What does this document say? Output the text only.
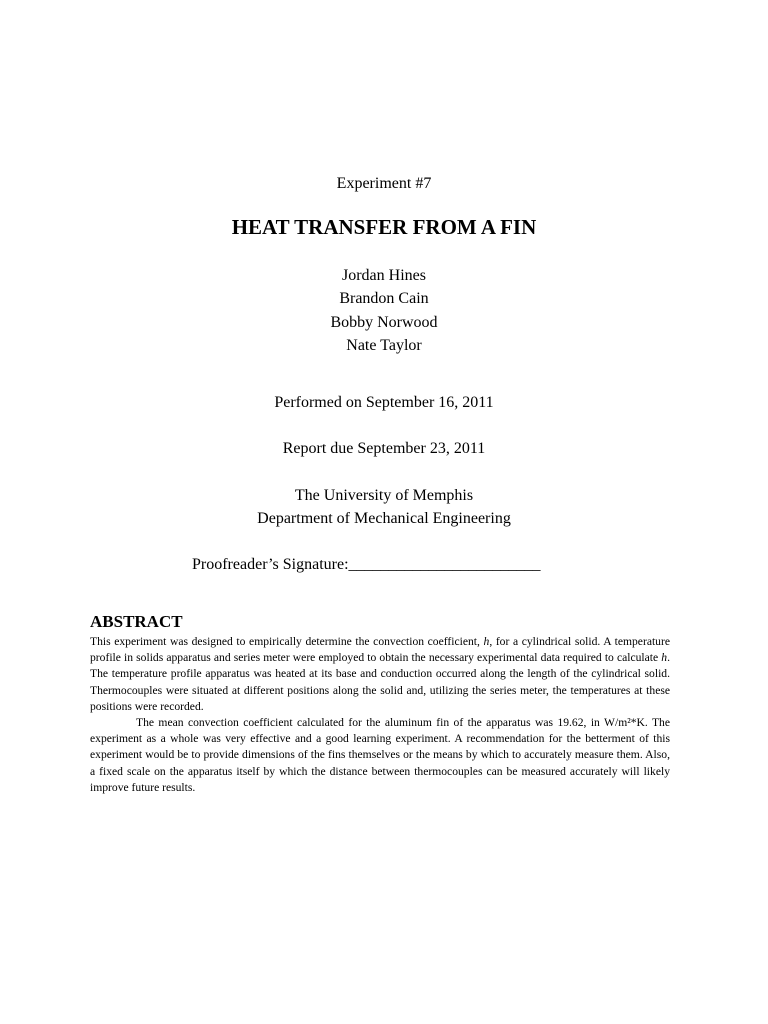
Experiment #7
HEAT TRANSFER FROM A FIN
Jordan Hines
Brandon Cain
Bobby Norwood
Nate Taylor
Performed on September 16, 2011
Report due September 23, 2011
The University of Memphis
Department of Mechanical Engineering
Proofreader’s Signature:________________________
ABSTRACT

This experiment was designed to empirically determine the convection coefficient, h, for a cylindrical solid. A temperature profile in solids apparatus and series meter were employed to obtain the necessary experimental data required to calculate h. The temperature profile apparatus was heated at its base and conduction occurred along the length of the cylindrical solid. Thermocouples were situated at different positions along the solid and, utilizing the series meter, the temperatures at these positions were recorded.

The mean convection coefficient calculated for the aluminum fin of the apparatus was 19.62, in W/m²*K. The experiment as a whole was very effective and a good learning experiment. A recommendation for the betterment of this experiment would be to provide dimensions of the fins themselves or the means by which to accurately measure them. Also, a fixed scale on the apparatus itself by which the distance between thermocouples can be measured accurately will likely improve future results.
